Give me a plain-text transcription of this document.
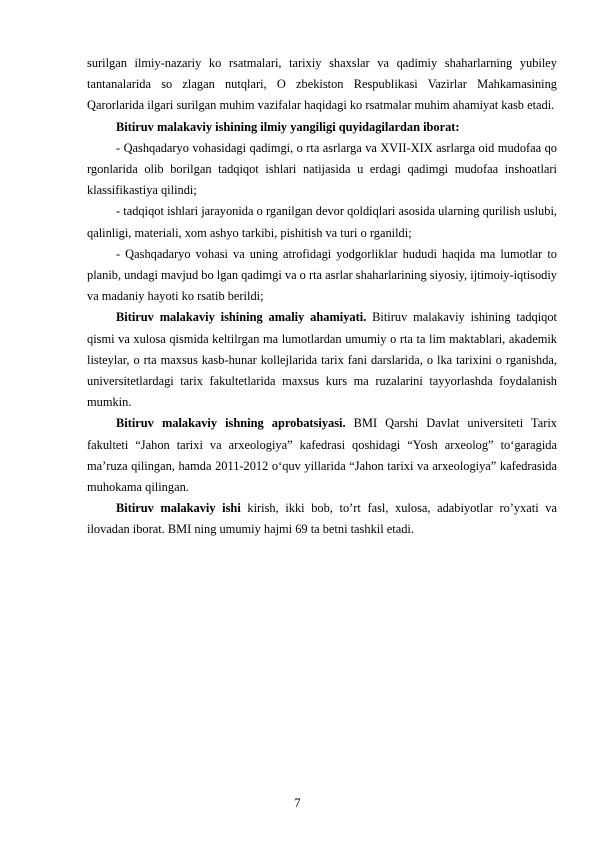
surilgan ilmiy-nazariy ko rsatmalari, tarixiy shaxslar va qadimiy shaharlarning yubiley tantanalarida so zlagan nutqlari, O zbekiston Respublikasi Vazirlar Mahkamasining Qarorlarida ilgari surilgan muhim vazifalar haqidagi ko rsatmalar muhim ahamiyat kasb etadi.

Bitiruv malakaviy ishining ilmiy yangiligi quyidagilardan iborat:

- Qashqadaryo vohasidagi qadimgi, o rta asrlarga va XVII-XIX asrlarga oid mudofaa qo rgonlarida olib borilgan tadqiqot ishlari natijasida u erdagi qadimgi mudofaa inshoatlari klassifikastiya qilindi;

- tadqiqot ishlari jarayonida o rganilgan devor qoldiqlari asosida ularning qurilish uslubi, qalinligi, materiali, xom ashyo tarkibi, pishitish va turi o rganildi;

- Qashqadaryo vohasi va uning atrofidagi yodgorliklar hududi haqida ma lumotlar to planib, undagi mavjud bo lgan qadimgi va o rta asrlar shaharlarining siyosiy, ijtimoiy-iqtisodiy va madaniy hayoti ko rsatib berildi;

Bitiruv malakaviy ishining amaliy ahamiyati. Bitiruv malakaviy ishining tadqiqot qismi va xulosa qismida keltilrgan ma lumotlardan umumiy o rta ta lim maktablari, akademik listeylar, o rta maxsus kasb-hunar kollejlarida tarix fani darslarida, o lka tarixini o rganishda, universitetlardagi tarix fakultetlarida maxsus kurs ma ruzalarini tayyorlashda foydalanish mumkin.

Bitiruv malakaviy ishning aprobatsiyasi. BMI Qarshi Davlat universiteti Tarix fakulteti “Jahon tarixi va arxeologiya” kafedrasi qoshidagi “Yosh arxeolog” to‘garagida ma’ruza qilingan, hamda 2011-2012 o‘quv yillarida “Jahon tarixi va arxeologiya” kafedrasida muhokama qilingan.

Bitiruv malakaviy ishi kirish, ikki bob, to’rt fasl, xulosa, adabiyotlar ro’yxati va ilovadan iborat. BMI ning umumiy hajmi 69 ta betni tashkil etadi.

7
